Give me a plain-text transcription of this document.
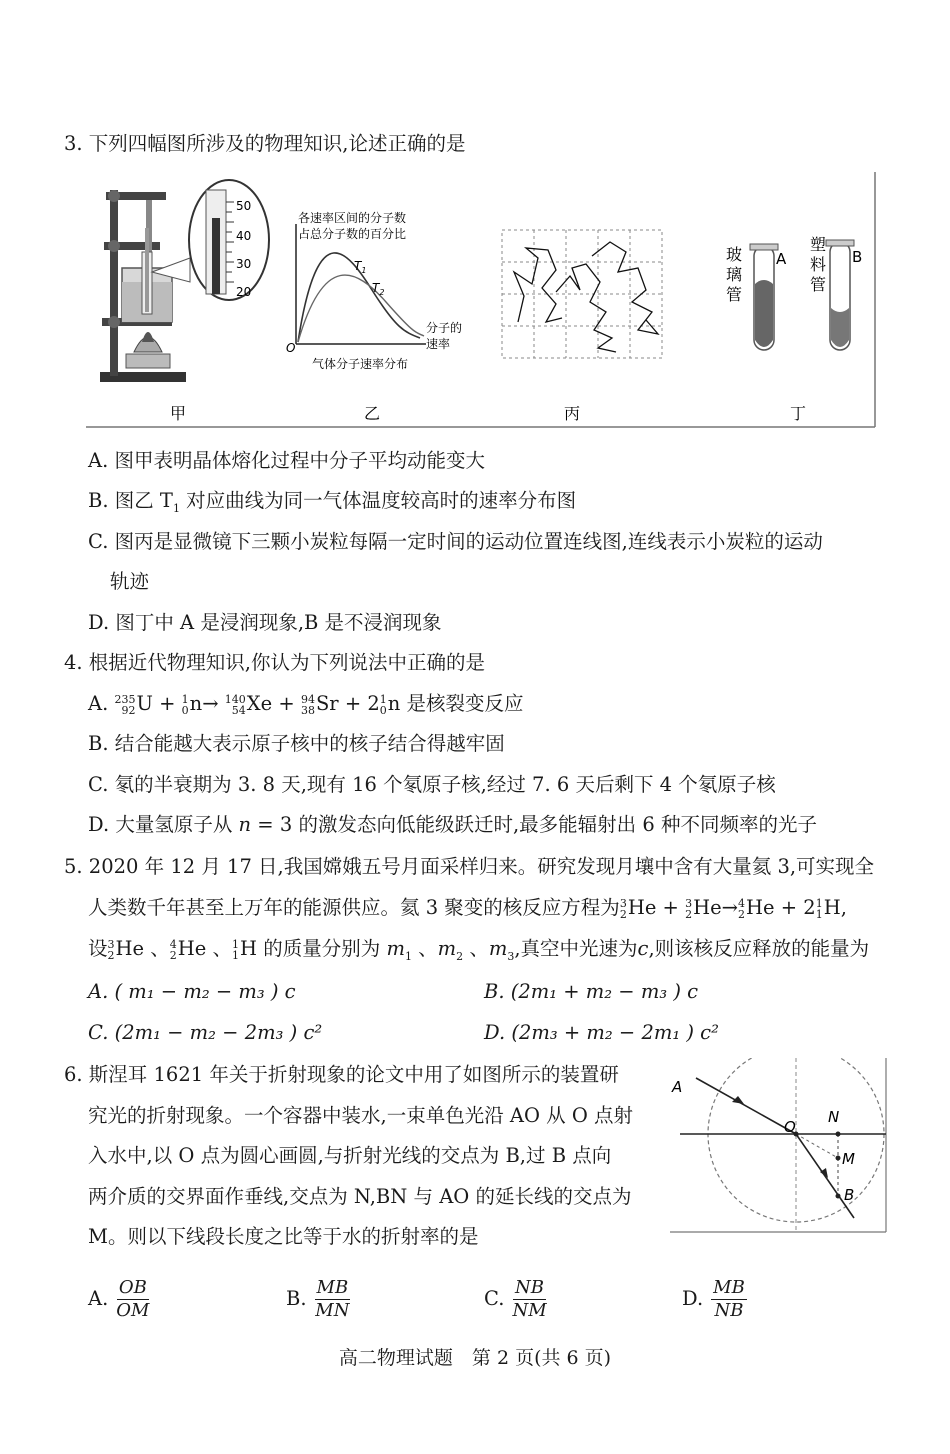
3. 下列四幅图所涉及的物理知识,论述正确的是
50
40
30
20
各速率区间的分子数
占总分子数的百分比
$T_1$
$T_2$
O
分子的
速率
气体分子速率分布
玻
璃
管
A
塑
料
管
B
甲	乙	丙	丁
A. 图甲表明晶体熔化过程中分子平均动能变大
B. 图乙 $T_1$ 对应曲线为同一气体温度较高时的速率分布图
C. 图丙是显微镜下三颗小炭粒每隔一定时间的运动位置连线图,连线表示小炭粒的运动
轨迹
D. 图丁中 A 是浸润现象,B 是不浸润现象
4. 根据近代物理知识,你认为下列说法中正确的是
A. 235
92 U + 1
0 n→ 140
54 Xe + 94
38 Sr + 2 1
0 n 是核裂变反应
B. 结合能越大表示原子核中的核子结合得越牢固
C. 氡的半衰期为 3. 8 天,现有 16 个氡原子核,经过 7. 6 天后剩下 4 个氡原子核
D. 大量氢原子从 n = 3 的激发态向低能级跃迁时,最多能辐射出 6 种不同频率的光子
5. 2020 年 12 月 17 日,我国嫦娥五号月面采样归来。研究发现月壤中含有大量氦 3,可实现全
人类数千年甚至上万年的能源供应。氦 3 聚变的核反应方程为 3
2 He + 3
2 He→ 4
2 He + 2 1
1 H,
设 3
2 He 、 4
2 He 、 1
1 H 的质量分别为 $m_1$ 、$m_2$ 、$m_3$,真空中光速为c,则该核反应释放的能量为
A. ( m₁ − m₂ − m₃ ) c	B. (2m₁ + m₂ − m₃ ) c
C. (2m₁ − m₂ − 2m₃ ) c²	D. (2m₃ + m₂ − 2m₁ ) c²
6. 斯涅耳 1621 年关于折射现象的论文中用了如图所示的装置研
究光的折射现象。一个容器中装水,一束单色光沿 AO 从 O 点射
入水中,以 O 点为圆心画圆,与折射光线的交点为 B,过 B 点向
两介质的交界面作垂线,交点为 N,BN 与 AO 的延长线的交点为
M。则以下线段长度之比等于水的折射率的是
A
O
N
M
B
A. $\frac{OB}{OM}$	B. $\frac{MB}{MN}$	C. $\frac{NB}{NM}$	D. $\frac{MB}{NB}$
高二物理试题　第 2 页(共 6 页)
